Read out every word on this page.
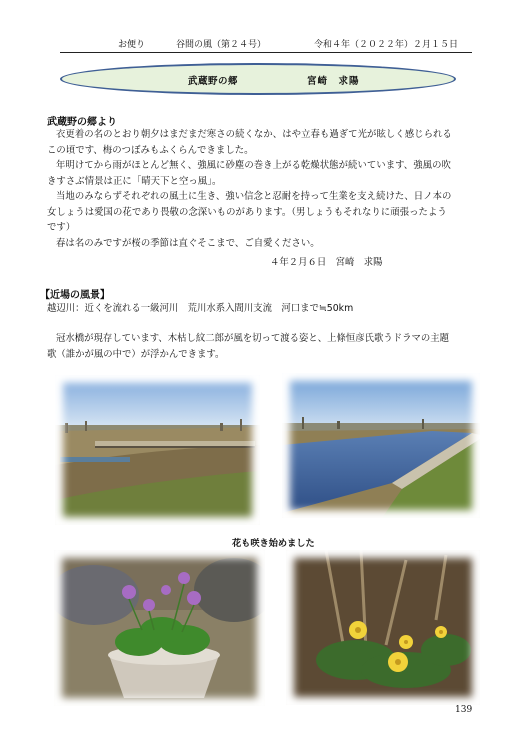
お便り	谷間の風（第２４号）	令和４年（２０２２年）２月１５日
武蔵野の郷	宮崎　求陽
武蔵野の郷より
衣更着の名のとおり朝夕はまだまだ寒さの続くなか、はや立春も過ぎて光が眩しく感じられる
この頃です、梅のつぼみもふくらんできました。
年明けてから雨がほとんど無く、強風に砂塵の巻き上がる乾燥状態が続いています、強風の吹
きすさぶ情景は正に「晴天下と空っ風」。
当地のみならずそれぞれの風土に生き、強い信念と忍耐を持って生業を支え続けた、日ノ本の
女しょうは愛国の花であり畏敬の念深いものがあります。（男しょうもそれなりに頑張ったよう
です）
春は名のみですが桜の季節は直ぐそこまで、ご自愛ください。
４年２月６日　宮崎　求陽
【近場の風景】
越辺川：近くを流れる一級河川　荒川水系入間川支流　河口まで≒50km
冠水橋が現存しています、木枯し紋二郎が風を切って渡る姿と、上條恒彦氏歌うドラマの主題
歌（誰かが風の中で）が浮かんできます。
花も咲き始めました
139
